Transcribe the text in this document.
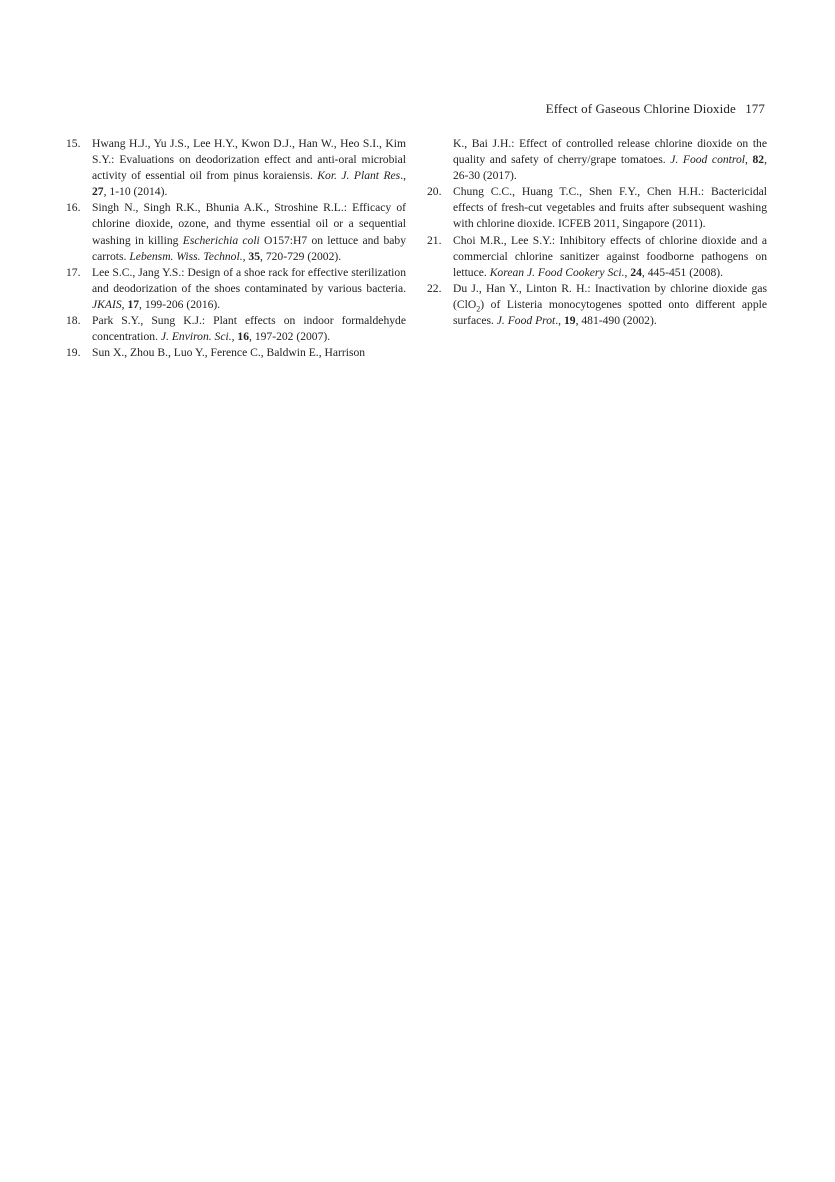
Effect of Gaseous Chlorine Dioxide 177
15. Hwang H.J., Yu J.S., Lee H.Y., Kwon D.J., Han W., Heo S.I., Kim S.Y.: Evaluations on deodorization effect and anti-oral microbial activity of essential oil from pinus koraiensis. Kor. J. Plant Res., 27, 1-10 (2014).
16. Singh N., Singh R.K., Bhunia A.K., Stroshine R.L.: Efficacy of chlorine dioxide, ozone, and thyme essential oil or a sequential washing in killing Escherichia coli O157:H7 on lettuce and baby carrots. Lebensm. Wiss. Technol., 35, 720-729 (2002).
17. Lee S.C., Jang Y.S.: Design of a shoe rack for effective sterilization and deodorization of the shoes contaminated by various bacteria. JKAIS, 17, 199-206 (2016).
18. Park S.Y., Sung K.J.: Plant effects on indoor formaldehyde concentration. J. Environ. Sci., 16, 197-202 (2007).
19. Sun X., Zhou B., Luo Y., Ference C., Baldwin E., Harrison
K., Bai J.H.: Effect of controlled release chlorine dioxide on the quality and safety of cherry/grape tomatoes. J. Food control, 82, 26-30 (2017).
20. Chung C.C., Huang T.C., Shen F.Y., Chen H.H.: Bactericidal effects of fresh-cut vegetables and fruits after subsequent washing with chlorine dioxide. ICFEB 2011, Singapore (2011).
21. Choi M.R., Lee S.Y.: Inhibitory effects of chlorine dioxide and a commercial chlorine sanitizer against foodborne pathogens on lettuce. Korean J. Food Cookery Sci., 24, 445-451 (2008).
22. Du J., Han Y., Linton R. H.: Inactivation by chlorine dioxide gas (ClO$_2$) of Listeria monocytogenes spotted onto different apple surfaces. J. Food Prot., 19, 481-490 (2002).
